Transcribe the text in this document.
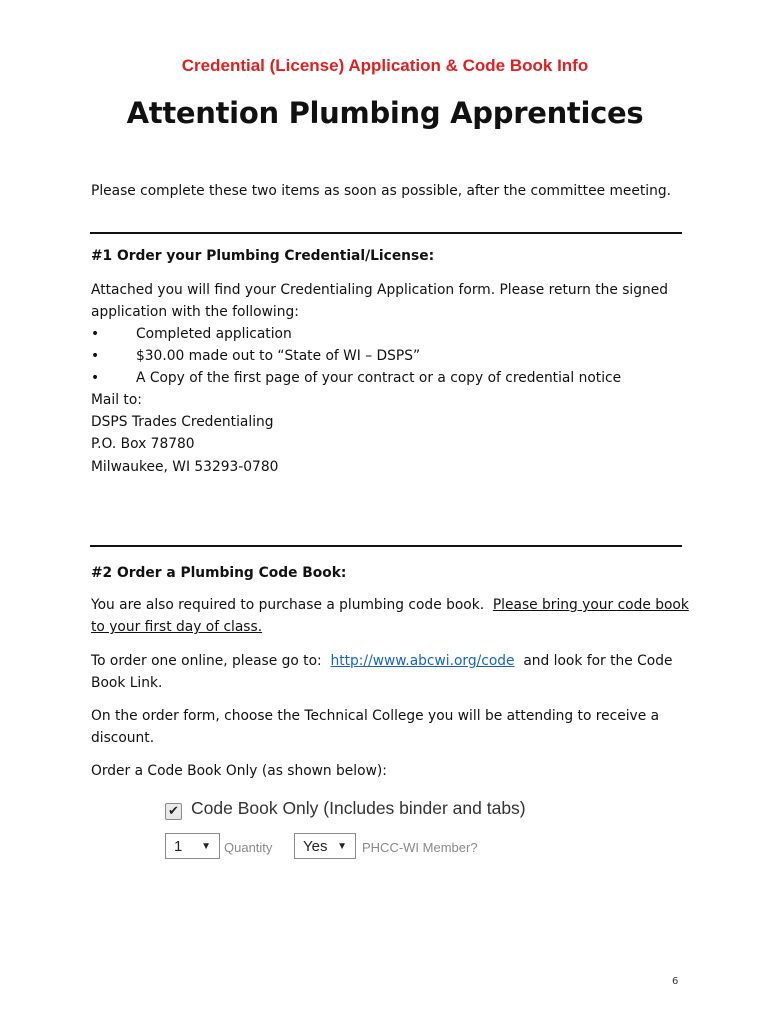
Credential (License) Application & Code Book Info
Attention Plumbing Apprentices
Please complete these two items as soon as possible, after the committee meeting.
#1 Order your Plumbing Credential/License:
Attached you will find your Credentialing Application form. Please return the signed
application with the following:
•	Completed application
•	$30.00 made out to “State of WI – DSPS”
•	A Copy of the first page of your contract or a copy of credential notice
Mail to:
DSPS Trades Credentialing
P.O. Box 78780
Milwaukee, WI 53293-0780
#2 Order a Plumbing Code Book:
You are also required to purchase a plumbing code book.  Please bring your code book
to your first day of class.
To order one online, please go to:  http://www.abcwi.org/code  and look for the Code
Book Link.
On the order form, choose the Technical College you will be attending to receive a
discount.
Order a Code Book Only (as shown below):
✔ Code Book Only (Includes binder and tabs)
1 ▼ Quantity Yes ▼ PHCC-WI Member?
6
